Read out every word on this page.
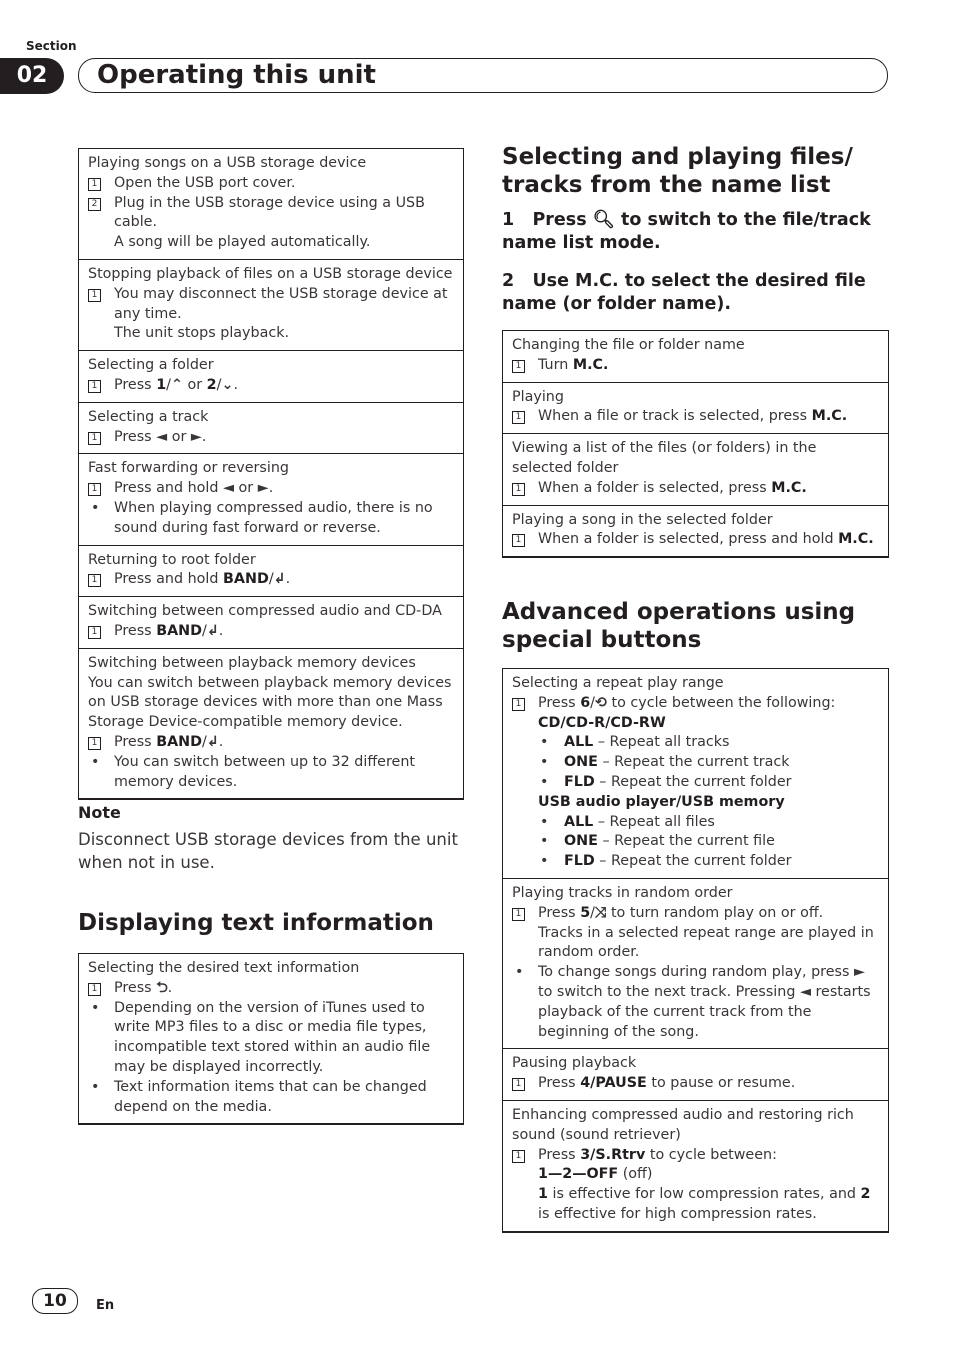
Section
02	Operating this unit
Playing songs on a USB storage device
1 Open the USB port cover.
2 Plug in the USB storage device using a USB cable.
A song will be played automatically.
Stopping playback of files on a USB storage device
1 You may disconnect the USB storage device at any time.
The unit stops playback.
Selecting a folder
1 Press 1/⌃ or 2/⌄.
Selecting a track
1 Press ◄ or ►.
Fast forwarding or reversing
1 Press and hold ◄ or ►.
• When playing compressed audio, there is no sound during fast forward or reverse.
Returning to root folder
1 Press and hold BAND/↲.
Switching between compressed audio and CD-DA
1 Press BAND/↲.
Switching between playback memory devices
You can switch between playback memory devices on USB storage devices with more than one Mass Storage Device-compatible memory device.
1 Press BAND/↲.
• You can switch between up to 32 different memory devices.
Note
Disconnect USB storage devices from the unit when not in use.
Displaying text information
Selecting the desired text information
1 Press ⮌.
• Depending on the version of iTunes used to write MP3 files to a disc or media file types, incompatible text stored within an audio file may be displayed incorrectly.
• Text information items that can be changed depend on the media.
Selecting and playing files/ tracks from the name list
1 Press 🔍︎ to switch to the file/track name list mode.
2 Use M.C. to select the desired file name (or folder name).
Changing the file or folder name
1 Turn M.C.
Playing
1 When a file or track is selected, press M.C.
Viewing a list of the files (or folders) in the selected folder
1 When a folder is selected, press M.C.
Playing a song in the selected folder
1 When a folder is selected, press and hold M.C.
Advanced operations using special buttons
Selecting a repeat play range
1 Press 6/⟲ to cycle between the following:
CD/CD-R/CD-RW
• ALL – Repeat all tracks
• ONE – Repeat the current track
• FLD – Repeat the current folder
USB audio player/USB memory
• ALL – Repeat all files
• ONE – Repeat the current file
• FLD – Repeat the current folder
Playing tracks in random order
1 Press 5/⤨ to turn random play on or off.
Tracks in a selected repeat range are played in random order.
• To change songs during random play, press ► to switch to the next track. Pressing ◄ restarts playback of the current track from the beginning of the song.
Pausing playback
1 Press 4/PAUSE to pause or resume.
Enhancing compressed audio and restoring rich sound (sound retriever)
1 Press 3/S.Rtrv to cycle between:
1—2—OFF (off)
1 is effective for low compression rates, and 2 is effective for high compression rates.
10	En
